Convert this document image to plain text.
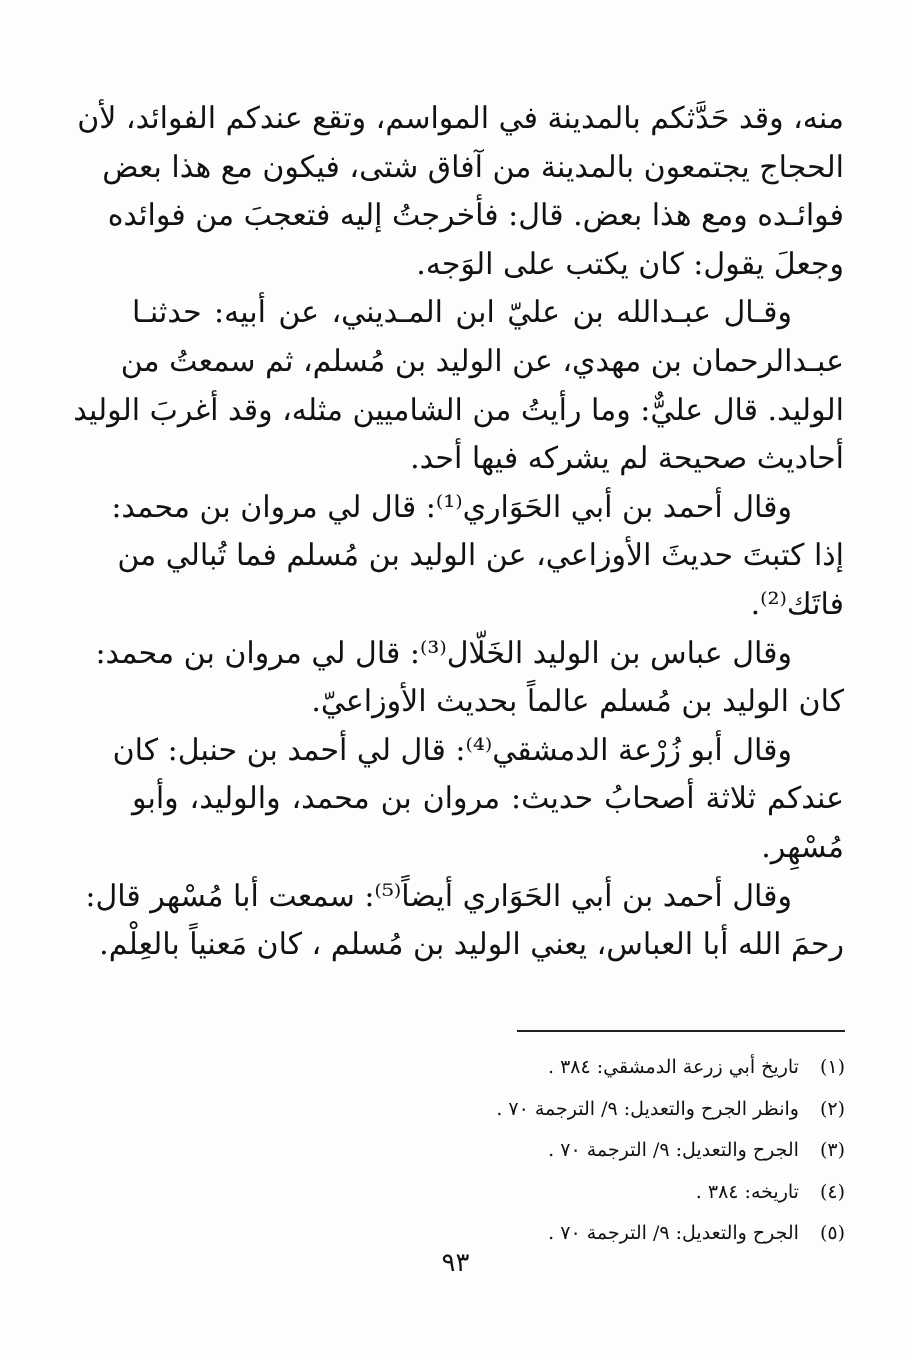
منه، وقد حَدَّثكم بالمدينة في المواسم، وتقع عندكم الفوائد، لأن
الحجاج يجتمعون بالمدينة من آفاق شتى، فيكون مع هذا بعض
فوائـده ومع هذا بعض. قال: فأخرجتُ إليه فتعجبَ من فوائده
وجعلَ يقول: كان يكتب على الوَجه.
وقـال عبـدالله بن عليّ ابن المـديني، عن أبيه: حدثنـا
عبـدالرحمان بن مهدي، عن الوليد بن مُسلم، ثم سمعتُ من
الوليد. قال عليٌّ: وما رأيتُ من الشاميين مثله، وقد أغربَ الوليد
أحاديث صحيحة لم يشركه فيها أحد.
وقال أحمد بن أبي الحَوَاري⁽¹⁾: قال لي مروان بن محمد:
إذا كتبتَ حديثَ الأوزاعي، عن الوليد بن مُسلم فما تُبالي من
فاتَك⁽²⁾.
وقال عباس بن الوليد الخَلّال⁽³⁾: قال لي مروان بن محمد:
كان الوليد بن مُسلم عالماً بحديث الأوزاعيّ.
وقال أبو زُرْعة الدمشقي⁽⁴⁾: قال لي أحمد بن حنبل: كان
عندكم ثلاثة أصحابُ حديث: مروان بن محمد، والوليد، وأبو
مُسْهِر.
وقال أحمد بن أبي الحَوَاري أيضاً⁽⁵⁾: سمعت أبا مُسْهر قال:
رحمَ الله أبا العباس، يعني الوليد بن مُسلم ، كان مَعنياً بالعِلْم.
(١) تاريخ أبي زرعة الدمشقي: ٣٨٤ .
(٢) وانظر الجرح والتعديل: ٩/ الترجمة ٧٠ .
(٣) الجرح والتعديل: ٩/ الترجمة ٧٠ .
(٤) تاريخه: ٣٨٤ .
(٥) الجرح والتعديل: ٩/ الترجمة ٧٠ .
٩٣
